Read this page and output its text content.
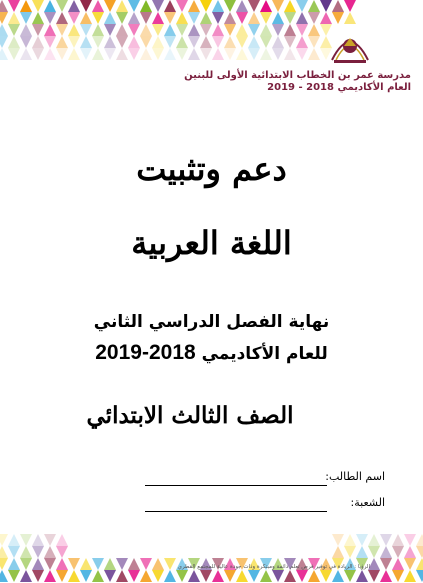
مدرسة عمر بن الخطاب الابتدائية الأولى للبنين
العام الأكاديمي 2018 - 2019
دعم وتثبيت
اللغة العربية
نهاية الفصل الدراسي الثاني
للعام الأكاديمي 2018-2019
الصف الثالث الابتدائي
اسم الطالب:
الشعبة:
الرؤيا : الريادة في توفير فرص تعلم دائمة ومبتكرة وذات جودة عالية للمجتمع القطري
